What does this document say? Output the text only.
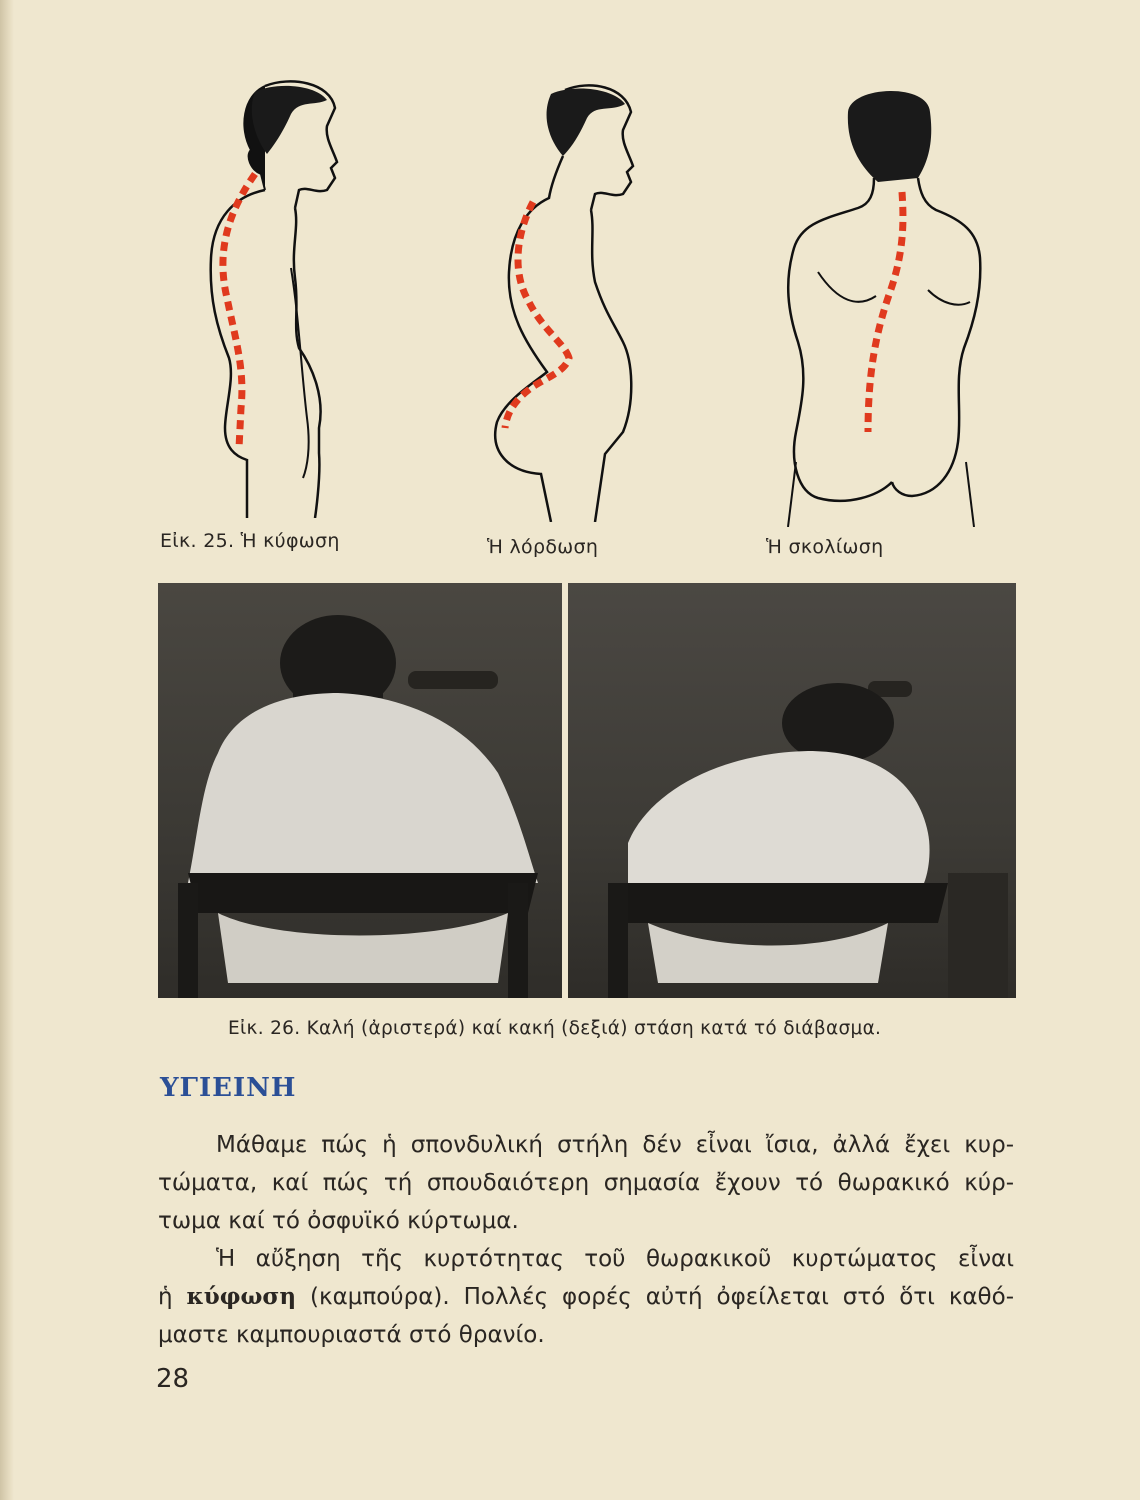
Εἰκ. 25. Ἡ κύφωση	Ἡ λόρδωση	Ἡ σκολίωση
Εἰκ. 26. Καλή (ἀριστερά) καί κακή (δεξιά) στάση κατά τό διάβασμα.
ΥΓΙΕΙΝΗ
Μάθαμε πώς ἡ σπονδυλική στήλη δέν εἶναι ἴσια, ἀλλά ἔχει κυρ-
τώματα, καί πώς τή σπουδαιότερη σημασία ἔχουν τό θωρακικό κύρ-
τωμα καί τό ὀσφυϊκό κύρτωμα.
Ἡ αὔξηση τῆς κυρτότητας τοῦ θωρακικοῦ κυρτώματος εἶναι
ἡ κύφωση (καμπούρα). Πολλές φορές αὐτή ὀφείλεται στό ὅτι καθό-
μαστε καμπουριαστά στό θρανίο.
28
